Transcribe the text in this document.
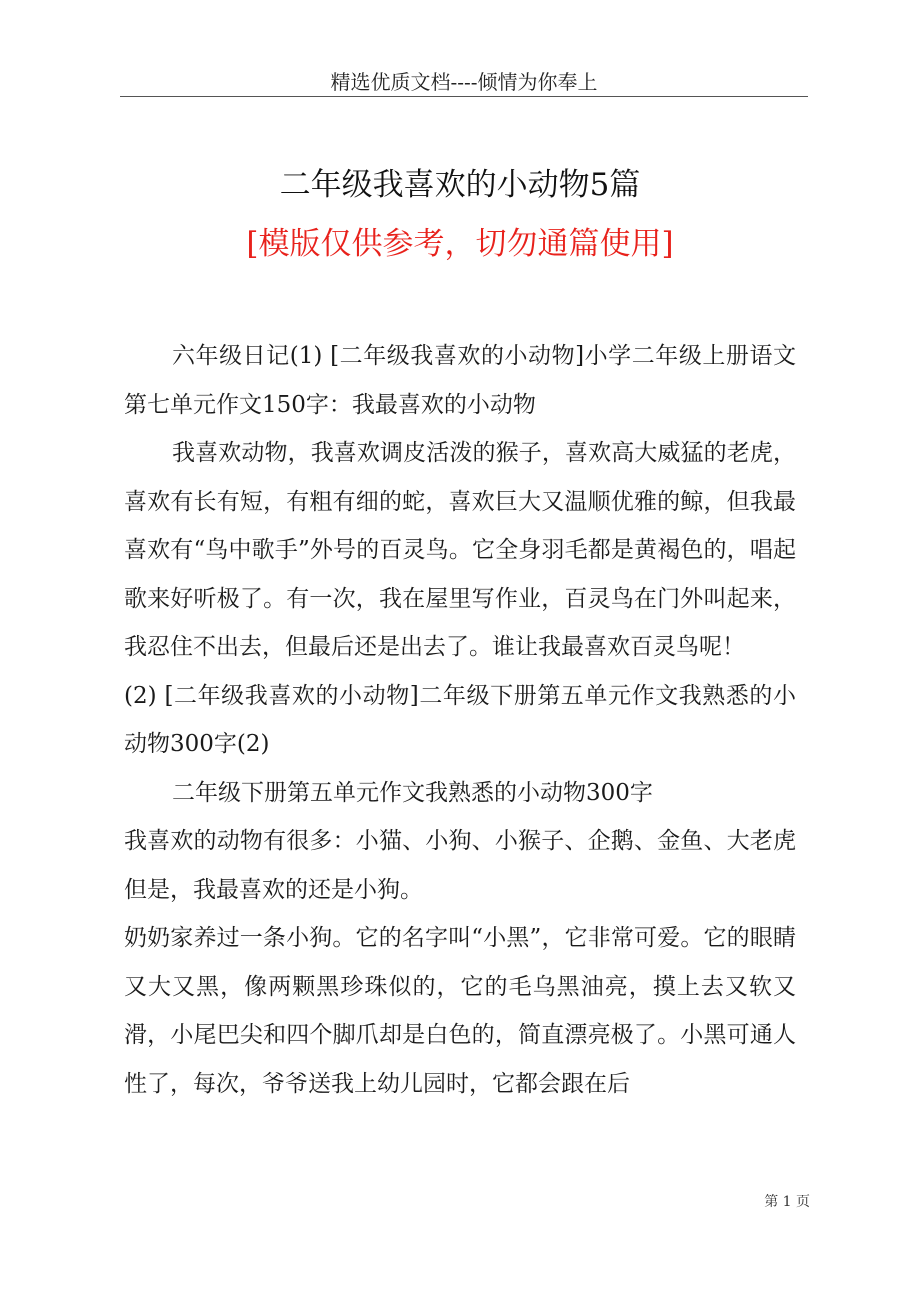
精选优质文档----倾情为你奉上
二年级我喜欢的小动物5篇
[模版仅供参考，切勿通篇使用]

六年级日记(1) [二年级我喜欢的小动物]小学二年级上册语文第七单元作文150字：我最喜欢的小动物

我喜欢动物，我喜欢调皮活泼的猴子，喜欢高大威猛的老虎，喜欢有长有短，有粗有细的蛇，喜欢巨大又温顺优雅的鲸，但我最喜欢有“鸟中歌手”外号的百灵鸟。它全身羽毛都是黄褐色的，唱起歌来好听极了。有一次，我在屋里写作业，百灵鸟在门外叫起来，我忍住不出去，但最后还是出去了。谁让我最喜欢百灵鸟呢！

(2) [二年级我喜欢的小动物]二年级下册第五单元作文我熟悉的小动物300字(2)

二年级下册第五单元作文我熟悉的小动物300字

我喜欢的动物有很多：小猫、小狗、小猴子、企鹅、金鱼、大老虎但是，我最喜欢的还是小狗。

奶奶家养过一条小狗。它的名字叫“小黑”，它非常可爱。它的眼睛又大又黑，像两颗黑珍珠似的，它的毛乌黑油亮，摸上去又软又滑，小尾巴尖和四个脚爪却是白色的，简直漂亮极了。小黑可通人性了，每次，爷爷送我上幼儿园时，它都会跟在后

第 1 页
